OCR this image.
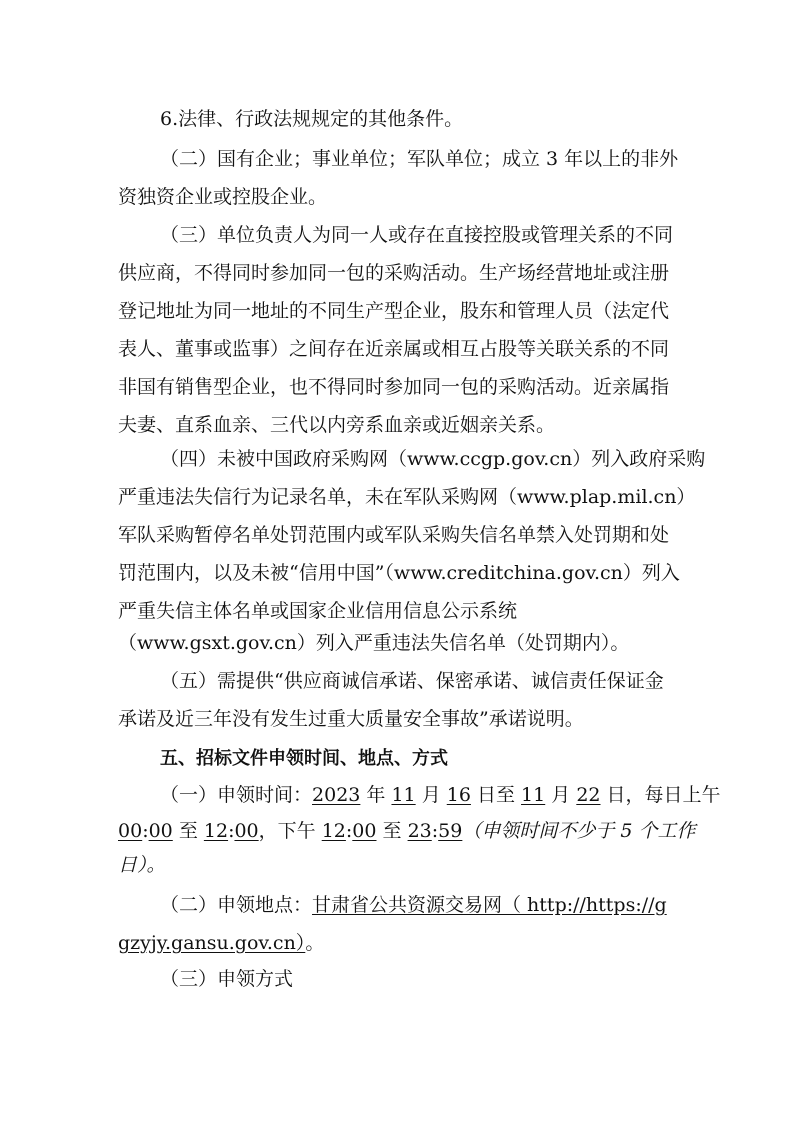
6.法律、行政法规规定的其他条件。
（二）国有企业；事业单位；军队单位；成立 3 年以上的非外
资独资企业或控股企业。
（三）单位负责人为同一人或存在直接控股或管理关系的不同
供应商，不得同时参加同一包的采购活动。生产场经营地址或注册
登记地址为同一地址的不同生产型企业，股东和管理人员（法定代
表人、董事或监事）之间存在近亲属或相互占股等关联关系的不同
非国有销售型企业，也不得同时参加同一包的采购活动。近亲属指
夫妻、直系血亲、三代以内旁系血亲或近姻亲关系。
（四）未被中国政府采购网（www.ccgp.gov.cn）列入政府采购
严重违法失信行为记录名单，未在军队采购网（www.plap.mil.cn）
军队采购暂停名单处罚范围内或军队采购失信名单禁入处罚期和处
罚范围内，以及未被“信用中国”（www.creditchina.gov.cn）列入
严重失信主体名单或国家企业信用信息公示系统
（www.gsxt.gov.cn）列入严重违法失信名单（处罚期内）。
（五）需提供“供应商诚信承诺、保密承诺、诚信责任保证金
承诺及近三年没有发生过重大质量安全事故”承诺说明。
五、招标文件申领时间、地点、方式
（一）申领时间：2023 年 11 月 16 日至 11 月 22 日，每日上午
00:00 至 12:00，下午 12:00 至 23:59（申领时间不少于 5 个工作
日）。
（二）申领地点：甘肃省公共资源交易网（ http://https://g
gzyjy.gansu.gov.cn）。
（三）申领方式
